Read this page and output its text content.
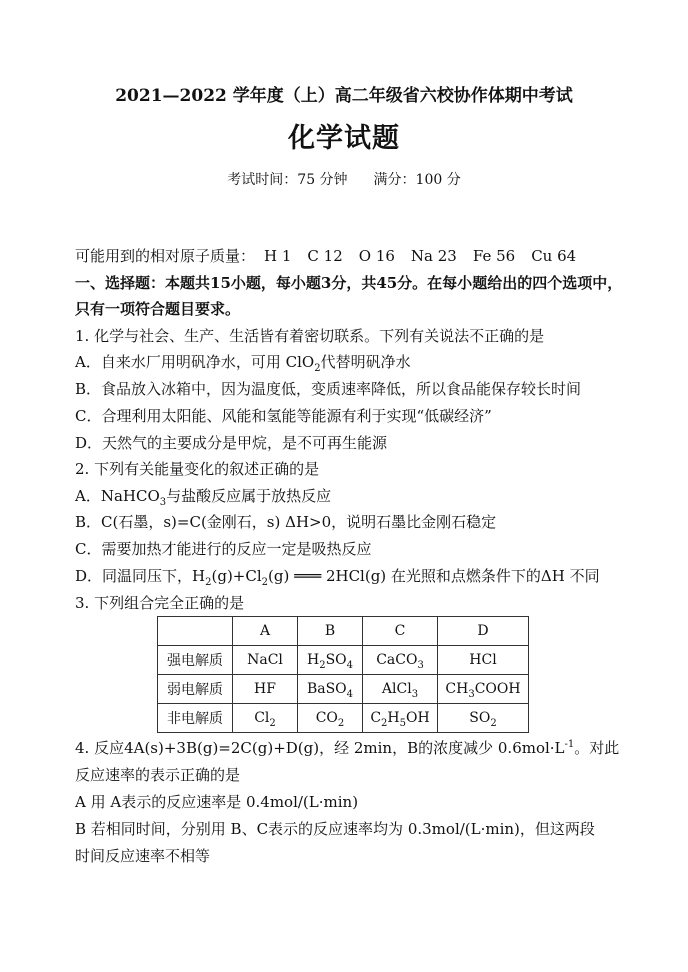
2021—2022 学年度（上）高二年级省六校协作体期中考试
化学试题
考试时间：75 分钟 满分：100 分
可能用到的相对原子质量： H 1 C 12 O 16 Na 23 Fe 56 Cu 64
一、选择题：本题共15小题，每小题3分，共45分。在每小题给出的四个选项中，
只有一项符合题目要求。
1. 化学与社会、生产、生活皆有着密切联系。下列有关说法不正确的是
A．自来水厂用明矾净水，可用 ClO$_2$代替明矾净水
B．食品放入冰箱中，因为温度低，变质速率降低，所以食品能保存较长时间
C．合理利用太阳能、风能和氢能等能源有利于实现“低碳经济”
D．天然气的主要成分是甲烷，是不可再生能源
2. 下列有关能量变化的叙述正确的是
A．NaHCO$_3$与盐酸反应属于放热反应
B．C(石墨，s)=C(金刚石，s) ΔH>0，说明石墨比金刚石稳定
C．需要加热才能进行的反应一定是吸热反应
D．同温同压下，$H_2(g)+Cl_2(g)$ ═══ 2HCl(g) 在光照和点燃条件下的ΔH 不同
3. 下列组合完全正确的是
	A	B	C	D
强电解质	NaCl	$H_2SO_4$	CaCO$_3$	HCl
弱电解质	HF	BaSO$_4$	AlCl$_3$	$CH_3COOH$
非电解质	$Cl_2$	$CO_2$	$C_2H_5OH$	$SO_2$
4. 反应4A(s)+3B(g)=2C(g)+D(g)，经 2min，B的浓度减少 $0.6mol\cdot L^{-1}$。对此
反应速率的表示正确的是
A 用 A表示的反应速率是 0.4mol/(L·min)
B 若相同时间，分别用 B、C表示的反应速率均为 0.3mol/(L·min)，但这两段
时间反应速率不相等
